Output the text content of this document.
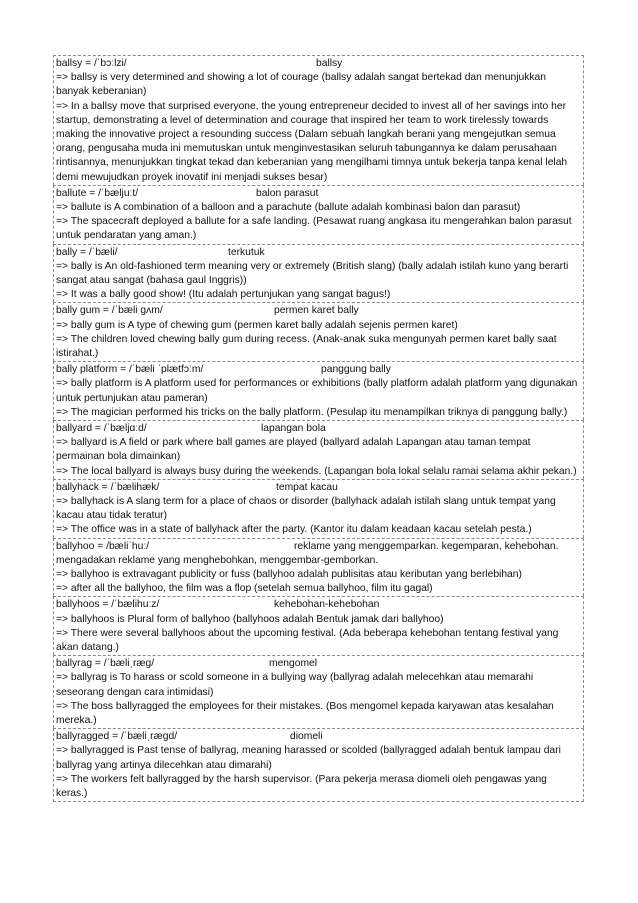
ballsy = /ˈbɔːlzi/	ballsy
=> ballsy is very determined and showing a lot of courage (ballsy adalah sangat bertekad dan menunjukkan banyak keberanian)
=> In a ballsy move that surprised everyone, the young entrepreneur decided to invest all of her savings into her startup, demonstrating a level of determination and courage that inspired her team to work tirelessly towards making the innovative project a resounding success (Dalam sebuah langkah berani yang mengejutkan semua orang, pengusaha muda ini memutuskan untuk menginvestasikan seluruh tabungannya ke dalam perusahaan rintisannya, menunjukkan tingkat tekad dan keberanian yang mengilhami timnya untuk bekerja tanpa kenal lelah demi mewujudkan proyek inovatif ini menjadi sukses besar)
ballute = /ˈbæljuːt/	balon parasut
=> ballute is A combination of a balloon and a parachute (ballute adalah kombinasi balon dan parasut)
=> The spacecraft deployed a ballute for a safe landing. (Pesawat ruang angkasa itu mengerahkan balon parasut untuk pendaratan yang aman.)
bally = /ˈbæli/	terkutuk
=> bally is An old-fashioned term meaning very or extremely (British slang) (bally adalah istilah kuno yang berarti sangat atau sangat (bahasa gaul Inggris))
=> It was a bally good show! (Itu adalah pertunjukan yang sangat bagus!)
bally gum = /ˈbæli ɡʌm/	permen karet bally
=> bally gum is A type of chewing gum (permen karet bally adalah sejenis permen karet)
=> The children loved chewing bally gum during recess. (Anak-anak suka mengunyah permen karet bally saat istirahat.)
bally platform = /ˈbæli ˈplætfɔːm/	panggung bally
=> bally platform is A platform used for performances or exhibitions (bally platform adalah platform yang digunakan untuk pertunjukan atau pameran)
=> The magician performed his tricks on the bally platform. (Pesulap itu menampilkan triknya di panggung bally.)
ballyard = /ˈbæljɑːd/	lapangan bola
=> ballyard is A field or park where ball games are played (ballyard adalah Lapangan atau taman tempat permainan bola dimainkan)
=> The local ballyard is always busy during the weekends. (Lapangan bola lokal selalu ramai selama akhir pekan.)
ballyhack = /ˈbælihæk/	tempat kacau
=> ballyhack is A slang term for a place of chaos or disorder (ballyhack adalah istilah slang untuk tempat yang kacau atau tidak teratur)
=> The office was in a state of ballyhack after the party. (Kantor itu dalam keadaan kacau setelah pesta.)
ballyhoo = /bæliˈhuː/	reklame yang menggemparkan. kegemparan, kehebohan.
mengadakan reklame yang menghebohkan, menggembar-gemborkan.
=> ballyhoo is extravagant publicity or fuss (ballyhoo adalah publisitas atau keributan yang berlebihan)
=> after all the ballyhoo, the film was a flop (setelah semua ballyhoo, film itu gagal)
ballyhoos = /ˈbælihuːz/	kehebohan-kehebohan
=> ballyhoos is Plural form of ballyhoo (ballyhoos adalah Bentuk jamak dari ballyhoo)
=> There were several ballyhoos about the upcoming festival. (Ada beberapa kehebohan tentang festival yang akan datang.)
ballyrag = /ˈbæliˌræɡ/	mengomel
=> ballyrag is To harass or scold someone in a bullying way (ballyrag adalah melecehkan atau memarahi seseorang dengan cara intimidasi)
=> The boss ballyragged the employees for their mistakes. (Bos mengomel kepada karyawan atas kesalahan mereka.)
ballyragged = /ˈbæliˌræɡd/	diomeli
=> ballyragged is Past tense of ballyrag, meaning harassed or scolded (ballyragged adalah bentuk lampau dari ballyrag yang artinya dilecehkan atau dimarahi)
=> The workers felt ballyragged by the harsh supervisor. (Para pekerja merasa diomeli oleh pengawas yang keras.)
